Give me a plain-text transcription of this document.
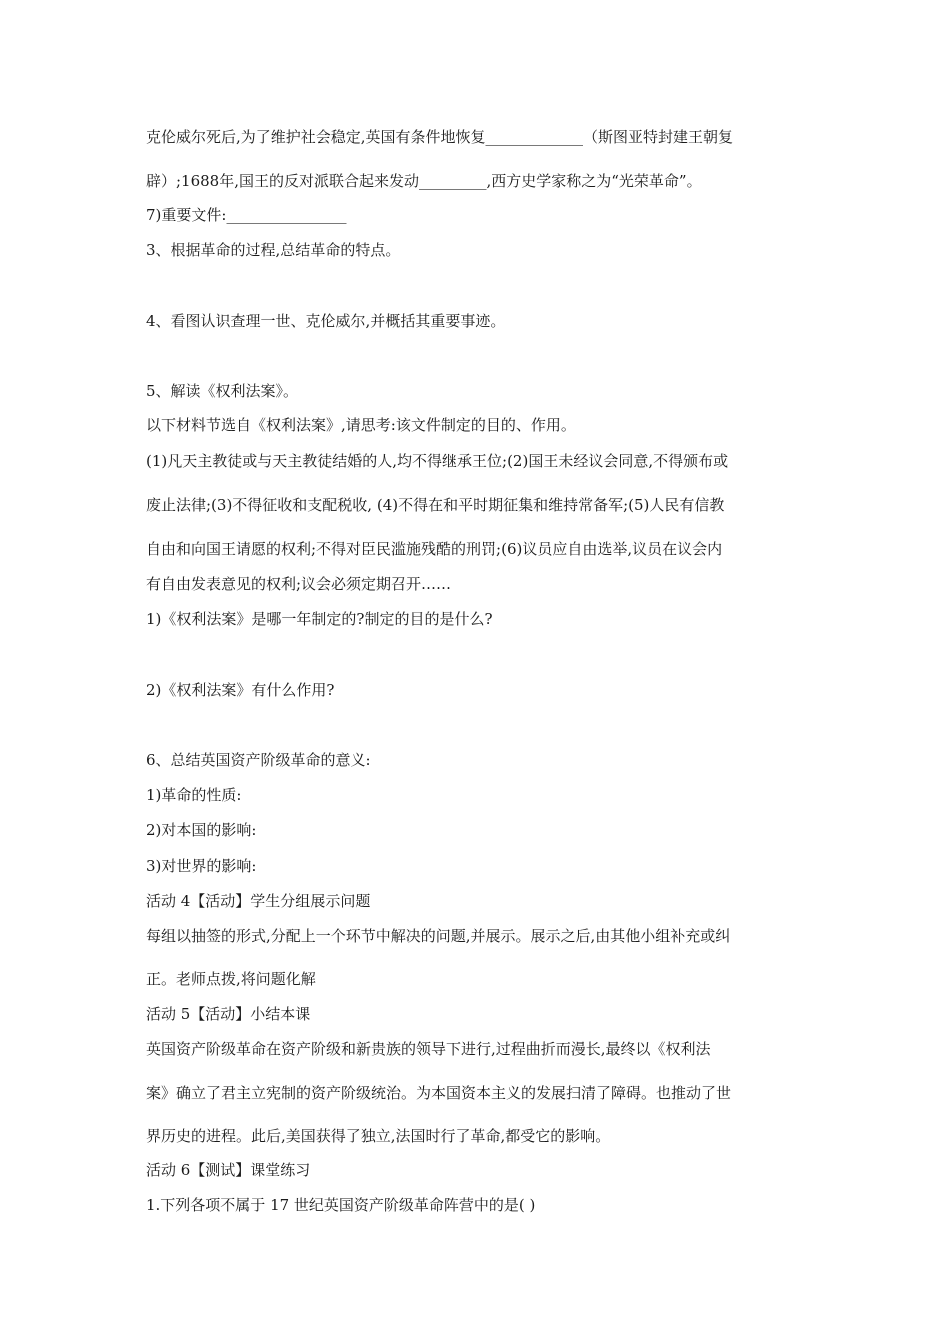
克伦威尔死后,为了维护社会稳定,英国有条件地恢复_____________（斯图亚特封建王朝复
辟）;1688年,国王的反对派联合起来发动_________,西方史学家称之为“光荣革命”。
7)重要文件:________________
3、根据革命的过程,总结革命的特点。
4、看图认识查理一世、克伦威尔,并概括其重要事迹。
5、解读《权利法案》。
以下材料节选自《权利法案》,请思考:该文件制定的目的、作用。
(1)凡天主教徒或与天主教徒结婚的人,均不得继承王位;(2)国王未经议会同意,不得颁布或
废止法律;(3)不得征收和支配税收, (4)不得在和平时期征集和维持常备军;(5)人民有信教
自由和向国王请愿的权利;不得对臣民滥施残酷的刑罚;(6)议员应自由选举,议员在议会内
有自由发表意见的权利;议会必须定期召开……
1)《权利法案》是哪一年制定的?制定的目的是什么?
2)《权利法案》有什么作用?
6、总结英国资产阶级革命的意义:
1)革命的性质:
2)对本国的影响:
3)对世界的影响:
活动 4【活动】学生分组展示问题
每组以抽签的形式,分配上一个环节中解决的问题,并展示。展示之后,由其他小组补充或纠
正。老师点拨,将问题化解
活动 5【活动】小结本课
英国资产阶级革命在资产阶级和新贵族的领导下进行,过程曲折而漫长,最终以《权利法
案》确立了君主立宪制的资产阶级统治。为本国资本主义的发展扫清了障碍。也推动了世
界历史的进程。此后,美国获得了独立,法国时行了革命,都受它的影响。
活动 6【测试】课堂练习
1.下列各项不属于 17 世纪英国资产阶级革命阵营中的是( )
